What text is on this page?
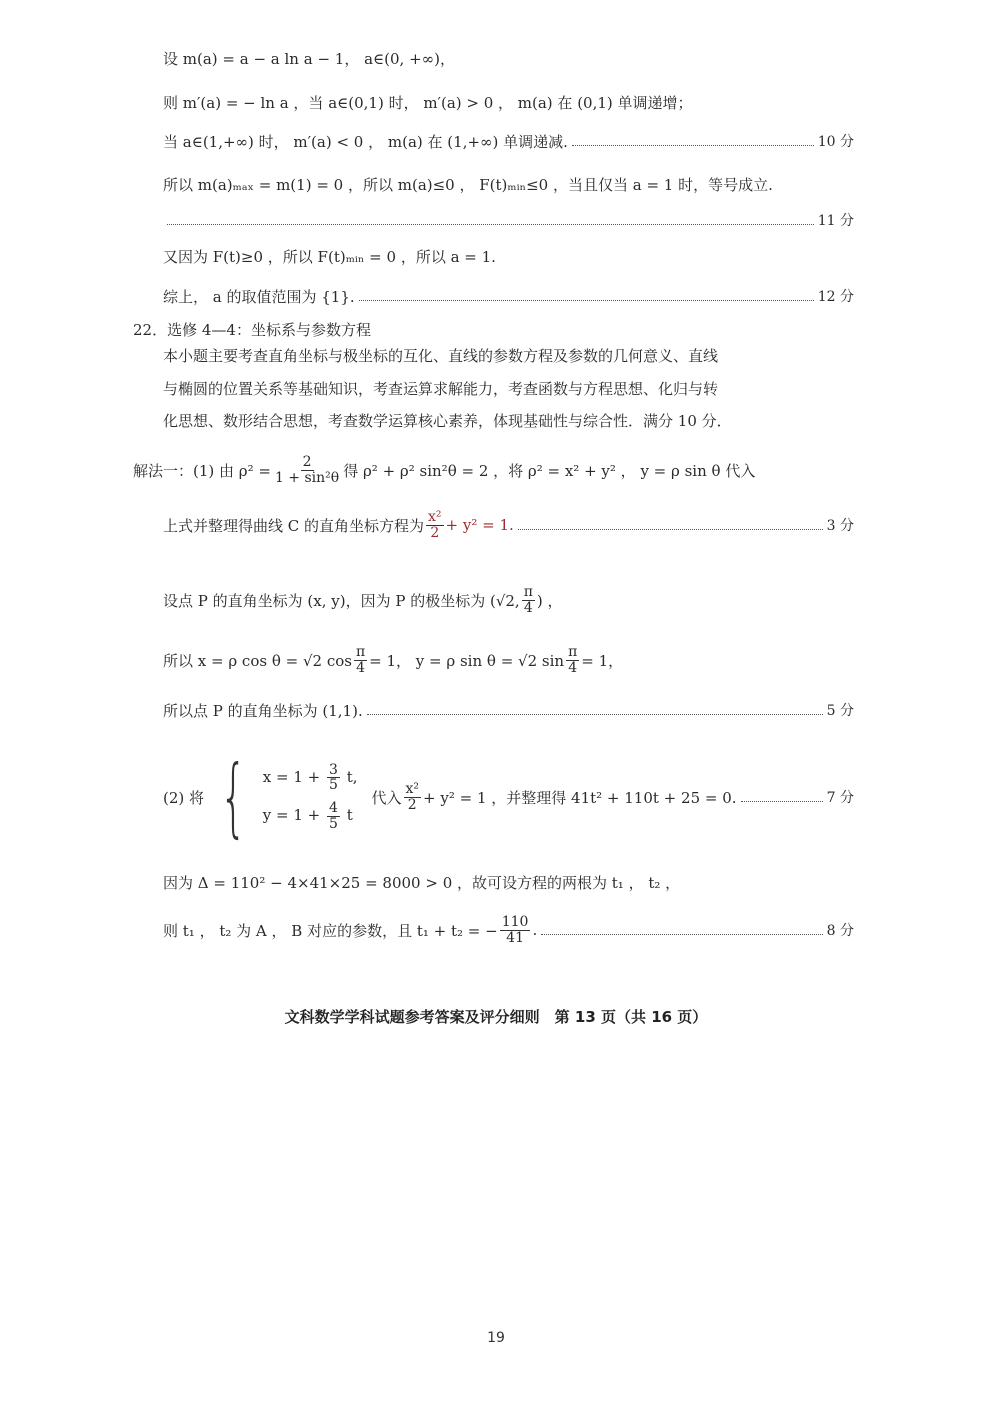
设 m(a) = a − a ln a − 1， a∈(0, +∞)，
则 m′(a) = − ln a ，当 a∈(0,1) 时， m′(a) > 0 ， m(a) 在 (0,1) 单调递增；
当 a∈(1,+∞) 时， m′(a) < 0 ， m(a) 在 (1,+∞) 单调递减.	10 分
所以 m(a)ₘₐₓ = m(1) = 0 ，所以 m(a)≤0 ， F(t)ₘᵢₙ≤0 ，当且仅当 a = 1 时，等号成立.
11 分
又因为 F(t)≥0 ，所以 F(t)ₘᵢₙ = 0 ，所以 a = 1.
综上， a 的取值范围为 {1}.	12 分
22．选修 4—4：坐标系与参数方程
本小题主要考查直角坐标与极坐标的互化、直线的参数方程及参数的几何意义、直线
与椭圆的位置关系等基础知识，考查运算求解能力，考查函数与方程思想、化归与转
化思想、数形结合思想，考查数学运算核心素养，体现基础性与综合性．满分 10 分．
解法一：(1) 由 $\rho^2 = \frac{2}{\text{1 + sin²θ}}$ 得 ρ² + ρ² sin²θ = 2 ，将 ρ² = x² + y² ， y = ρ sin θ 代入
上式并整理得曲线 C 的直角坐标方程为 $\frac{\text{x²}}{2} + y^2 = 1$.	3 分
设点 P 的直角坐标为 (x, y)，因为 P 的极坐标为 (√2, $\frac{\pi}{4}$ ) ，
所以 x = ρ cos θ = √2 $\cos \frac{\pi}{4} = 1$， y = ρ sin θ = √2 $\sin \frac{\pi}{4} = 1$，
所以点 P 的直角坐标为 (1,1).	5 分
(2) 将 { $x = 1 + \frac{3}{5} t$,
$y = 1 + \frac{4}{5}$ t
代入 $\frac{\text{x²}}{2} + y^2 = 1$ ，并整理得 41t² + 110t + 25 = 0.	7 分
因为 Δ = 110² − 4×41×25 = 8000 > 0 ，故可设方程的两根为 t₁ ， t₂ ，
则 t₁ ， t₂ 为 A ， B 对应的参数，且 t₁ + t₂ = − $\frac{110}{41}$ .	8 分
文科数学学科试题参考答案及评分细则　第 13 页（共 16 页）
19
